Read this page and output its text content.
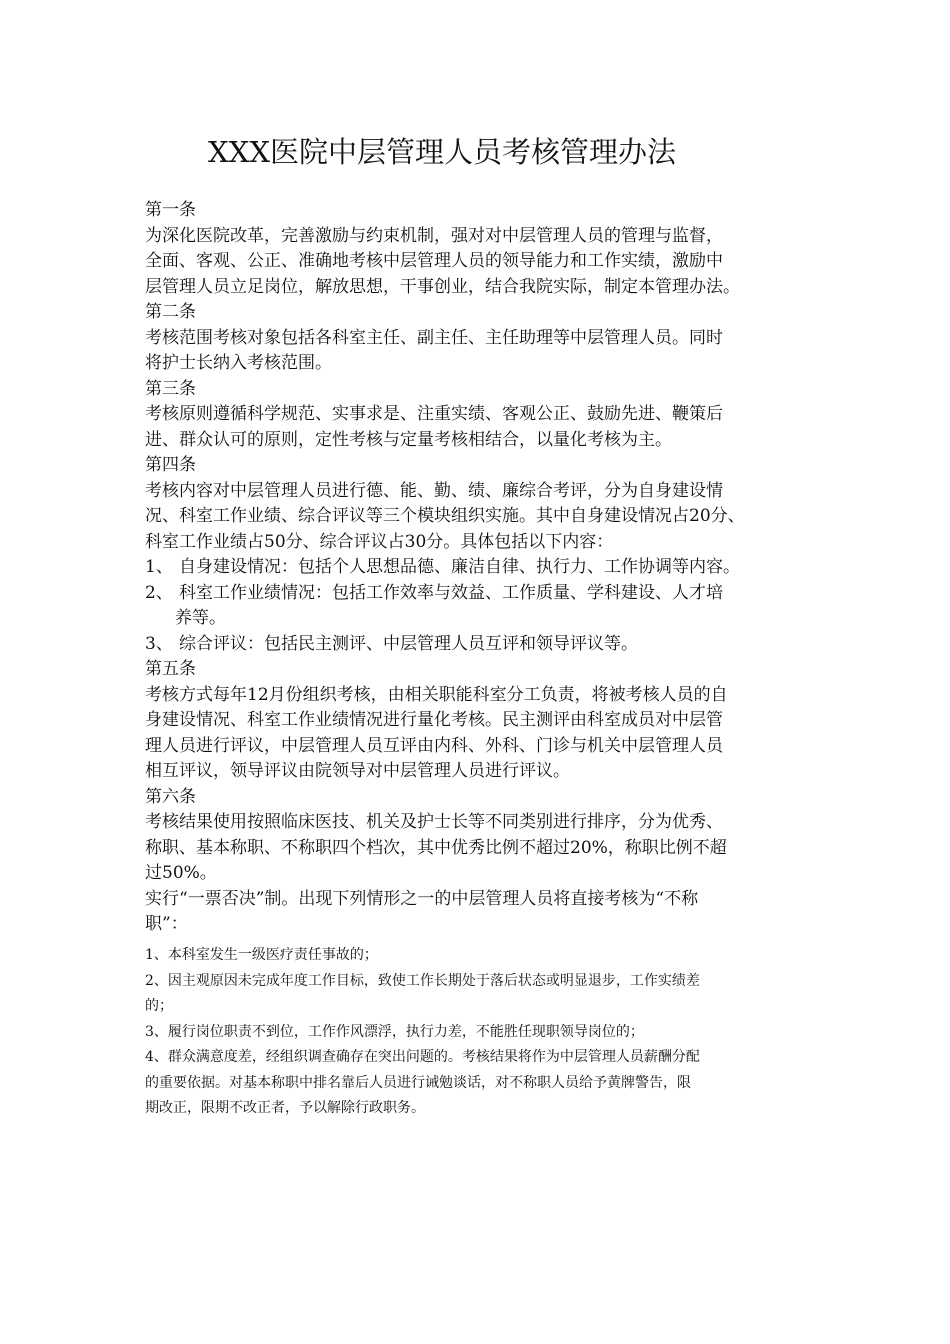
XXX医院中层管理人员考核管理办法
第一条
为深化医院改革，完善激励与约束机制，强对对中层管理人员的管理与监督，
全面、客观、公正、准确地考核中层管理人员的领导能力和工作实绩，激励中
层管理人员立足岗位，解放思想，干事创业，结合我院实际，制定本管理办法。
第二条
考核范围考核对象包括各科室主任、副主任、主任助理等中层管理人员。同时
将护士长纳入考核范围。
第三条
考核原则遵循科学规范、实事求是、注重实绩、客观公正、鼓励先进、鞭策后
进、群众认可的原则，定性考核与定量考核相结合，以量化考核为主。
第四条
考核内容对中层管理人员进行德、能、勤、绩、廉综合考评，分为自身建设情
况、科室工作业绩、综合评议等三个模块组织实施。其中自身建设情况占20分、
科室工作业绩占50分、综合评议占30分。具体包括以下内容：
1、 自身建设情况：包括个人思想品德、廉洁自律、执行力、工作协调等内容。
2、 科室工作业绩情况：包括工作效率与效益、工作质量、学科建设、人才培
养等。
3、 综合评议：包括民主测评、中层管理人员互评和领导评议等。
第五条
考核方式每年12月份组织考核，由相关职能科室分工负责，将被考核人员的自
身建设情况、科室工作业绩情况进行量化考核。民主测评由科室成员对中层管
理人员进行评议，中层管理人员互评由内科、外科、门诊与机关中层管理人员
相互评议，领导评议由院领导对中层管理人员进行评议。
第六条
考核结果使用按照临床医技、机关及护士长等不同类别进行排序，分为优秀、
称职、基本称职、不称职四个档次，其中优秀比例不超过20%，称职比例不超
过50%。
实行“一票否决”制。出现下列情形之一的中层管理人员将直接考核为“不称
职”：
1、本科室发生一级医疗责任事故的；
2、因主观原因未完成年度工作目标，致使工作长期处于落后状态或明显退步，工作实绩差
的；
3、履行岗位职责不到位，工作作风漂浮，执行力差，不能胜任现职领导岗位的；
4、群众满意度差，经组织调查确存在突出问题的。考核结果将作为中层管理人员薪酬分配
的重要依据。对基本称职中排名靠后人员进行诫勉谈话，对不称职人员给予黄牌警告，限
期改正，限期不改正者，予以解除行政职务。
